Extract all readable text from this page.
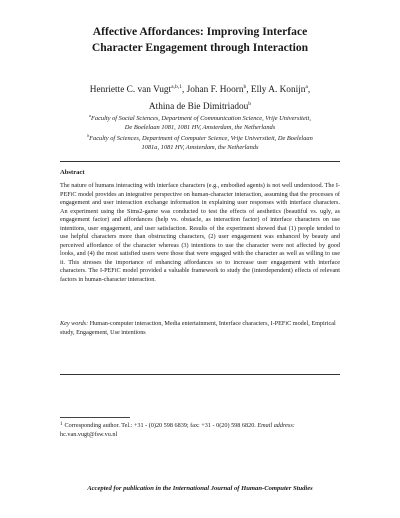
Affective Affordances: Improving Interface
Character Engagement through Interaction
Henriette C. van Vugt$^{a,b,1}$, Johan F. Hoorn$^b$, Elly A. Konijn$^a$,
Athina de Bie Dimitriadou$^b$
$^a$Faculty of Social Sciences, Department of Communication Science, Vrije Universiteit,
De Boelelaan 1081, 1081 HV, Amsterdam, the Netherlands
$^b$Faculty of Sciences, Department of Computer Science, Vrije Universiteit, De Boelelaan
1081a, 1081 HV, Amsterdam, the Netherlands
Abstract
The nature of humans interacting with interface characters (e.g., embodied agents) is not well understood. The I-PEFiC model provides an integrative perspective on human-character interaction, assuming that the processes of engagement and user interaction exchange information in explaining user responses with interface characters. An experiment using the Sims2-game was conducted to test the effects of aesthetics (beautiful vs. ugly, as engagement factor) and affordances (help vs. obstacle, as interaction factor) of interface characters on use intentions, user engagement, and user satisfaction. Results of the experiment showed that (1) people tended to use helpful characters more than obstructing characters, (2) user engagement was enhanced by beauty and perceived affordance of the character whereas (3) intentions to use the character were not affected by good looks, and (4) the most satisfied users were those that were engaged with the character as well as willing to use it. This stresses the importance of enhancing affordances so to increase user engagement with interface characters. The I-PEFiC model provided a valuable framework to study the (interdependent) effects of relevant factors in human-character interaction.
Key words: Human-computer interaction, Media entertainment, Interface characters, I-PEFiC model, Empirical study, Engagement, Use intentions
$^1$ Corresponding author. Tel.: +31 - (0)20 598 6839; fax: +31 - 0(20) 598 6820. Email address: hc.van.vugt@fsw.vu.nl
Accepted for publication in the International Journal of Human-Computer Studies
